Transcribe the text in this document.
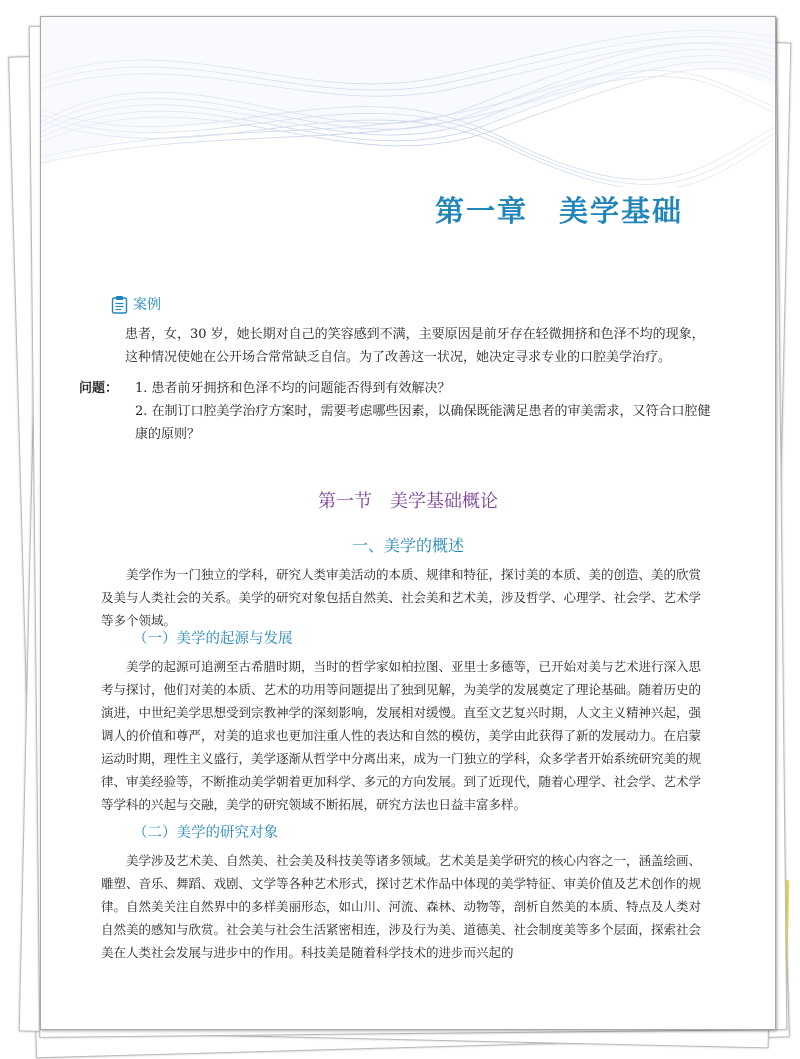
第一章　美学基础
案例

患者，女，30 岁，她长期对自己的笑容感到不满，主要原因是前牙存在轻微拥挤和色泽不均的现象，这种情况使她在公开场合常常缺乏自信。为了改善这一状况，她决定寻求专业的口腔美学治疗。

问题：	1. 患者前牙拥挤和色泽不均的问题能否得到有效解决？
2. 在制订口腔美学治疗方案时，需要考虑哪些因素，以确保既能满足患者的审美需求，又符合口腔健康的原则？
第一节　美学基础概论
一、美学的概述

美学作为一门独立的学科，研究人类审美活动的本质、规律和特征，探讨美的本质、美的创造、美的欣赏及美与人类社会的关系。美学的研究对象包括自然美、社会美和艺术美，涉及哲学、心理学、社会学、艺术学等多个领域。

（一）美学的起源与发展

美学的起源可追溯至古希腊时期，当时的哲学家如柏拉图、亚里士多德等，已开始对美与艺术进行深入思考与探讨，他们对美的本质、艺术的功用等问题提出了独到见解，为美学的发展奠定了理论基础。随着历史的演进，中世纪美学思想受到宗教神学的深刻影响，发展相对缓慢。直至文艺复兴时期，人文主义精神兴起，强调人的价值和尊严，对美的追求也更加注重人性的表达和自然的模仿，美学由此获得了新的发展动力。在启蒙运动时期，理性主义盛行，美学逐渐从哲学中分离出来，成为一门独立的学科，众多学者开始系统研究美的规律、审美经验等，不断推动美学朝着更加科学、多元的方向发展。到了近现代，随着心理学、社会学、艺术学等学科的兴起与交融，美学的研究领域不断拓展，研究方法也日益丰富多样。

（二）美学的研究对象

美学涉及艺术美、自然美、社会美及科技美等诸多领域。艺术美是美学研究的核心内容之一，涵盖绘画、雕塑、音乐、舞蹈、戏剧、文学等各种艺术形式，探讨艺术作品中体现的美学特征、审美价值及艺术创作的规律。自然美关注自然界中的多样美丽形态，如山川、河流、森林、动物等，剖析自然美的本质、特点及人类对自然美的感知与欣赏。社会美与社会生活紧密相连，涉及行为美、道德美、社会制度美等多个层面，探索社会美在人类社会发展与进步中的作用。科技美是随着科学技术的进步而兴起的
